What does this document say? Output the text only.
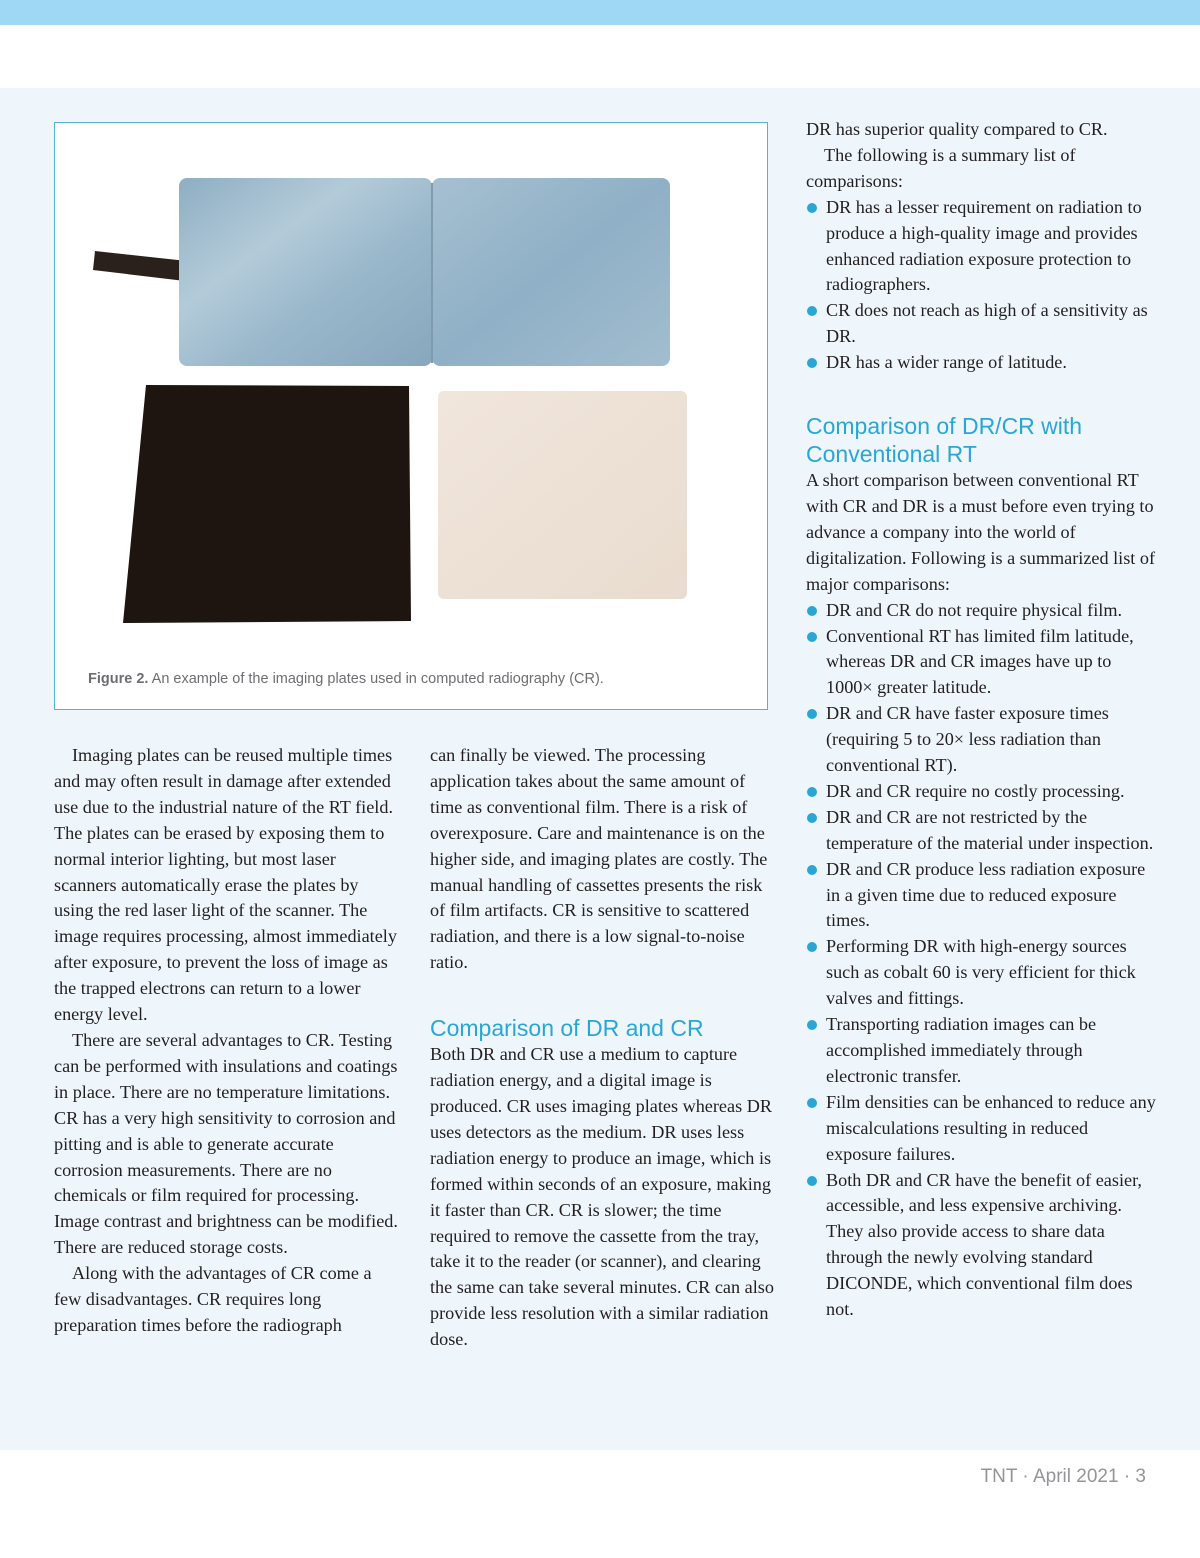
Figure 2. An example of the imaging plates used in computed radiography (CR).

Imaging plates can be reused multiple times and may often result in damage after extended use due to the industrial nature of the RT field. The plates can be erased by exposing them to normal interior lighting, but most laser scanners automatically erase the plates by using the red laser light of the scanner. The image requires processing, almost immediately after exposure, to prevent the loss of image as the trapped electrons can return to a lower energy level.

There are several advantages to CR. Testing can be performed with insulations and coatings in place. There are no temperature limitations. CR has a very high sensitivity to corrosion and pitting and is able to generate accurate corrosion measurements. There are no chemicals or film required for processing. Image contrast and brightness can be modified. There are reduced storage costs.

Along with the advantages of CR come a few disadvantages. CR requires long preparation times before the radiograph

can finally be viewed. The processing application takes about the same amount of time as conventional film. There is a risk of overexposure. Care and maintenance is on the higher side, and imaging plates are costly. The manual handling of cassettes presents the risk of film artifacts. CR is sensitive to scattered radiation, and there is a low signal-to-noise ratio.

Comparison of DR and CR

Both DR and CR use a medium to capture radiation energy, and a digital image is produced. CR uses imaging plates whereas DR uses detectors as the medium. DR uses less radiation energy to produce an image, which is formed within seconds of an exposure, making it faster than CR. CR is slower; the time required to remove the cassette from the tray, take it to the reader (or scanner), and clearing the same can take several minutes. CR can also provide less resolution with a similar radiation dose.

DR has superior quality compared to CR.

The following is a summary list of comparisons:

DR has a lesser requirement on radiation to produce a high-quality image and provides enhanced radiation exposure protection to radiographers.
CR does not reach as high of a sensitivity as DR.
DR has a wider range of latitude.
Comparison of DR/CR with Conventional RT

A short comparison between conventional RT with CR and DR is a must before even trying to advance a company into the world of digitalization. Following is a summarized list of major comparisons:

DR and CR do not require physical film.
Conventional RT has limited film latitude, whereas DR and CR images have up to 1000× greater latitude.
DR and CR have faster exposure times (requiring 5 to 20× less radiation than conventional RT).
DR and CR require no costly processing.
DR and CR are not restricted by the temperature of the material under inspection.
DR and CR produce less radiation exposure in a given time due to reduced exposure times.
Performing DR with high-energy sources such as cobalt 60 is very efficient for thick valves and fittings.
Transporting radiation images can be accomplished immediately through electronic transfer.
Film densities can be enhanced to reduce any miscalculations resulting in reduced exposure failures.
Both DR and CR have the benefit of easier, accessible, and less expensive archiving. They also provide access to share data through the newly evolving standard DICONDE, which conventional film does not.
TNT · April 2021 · 3
